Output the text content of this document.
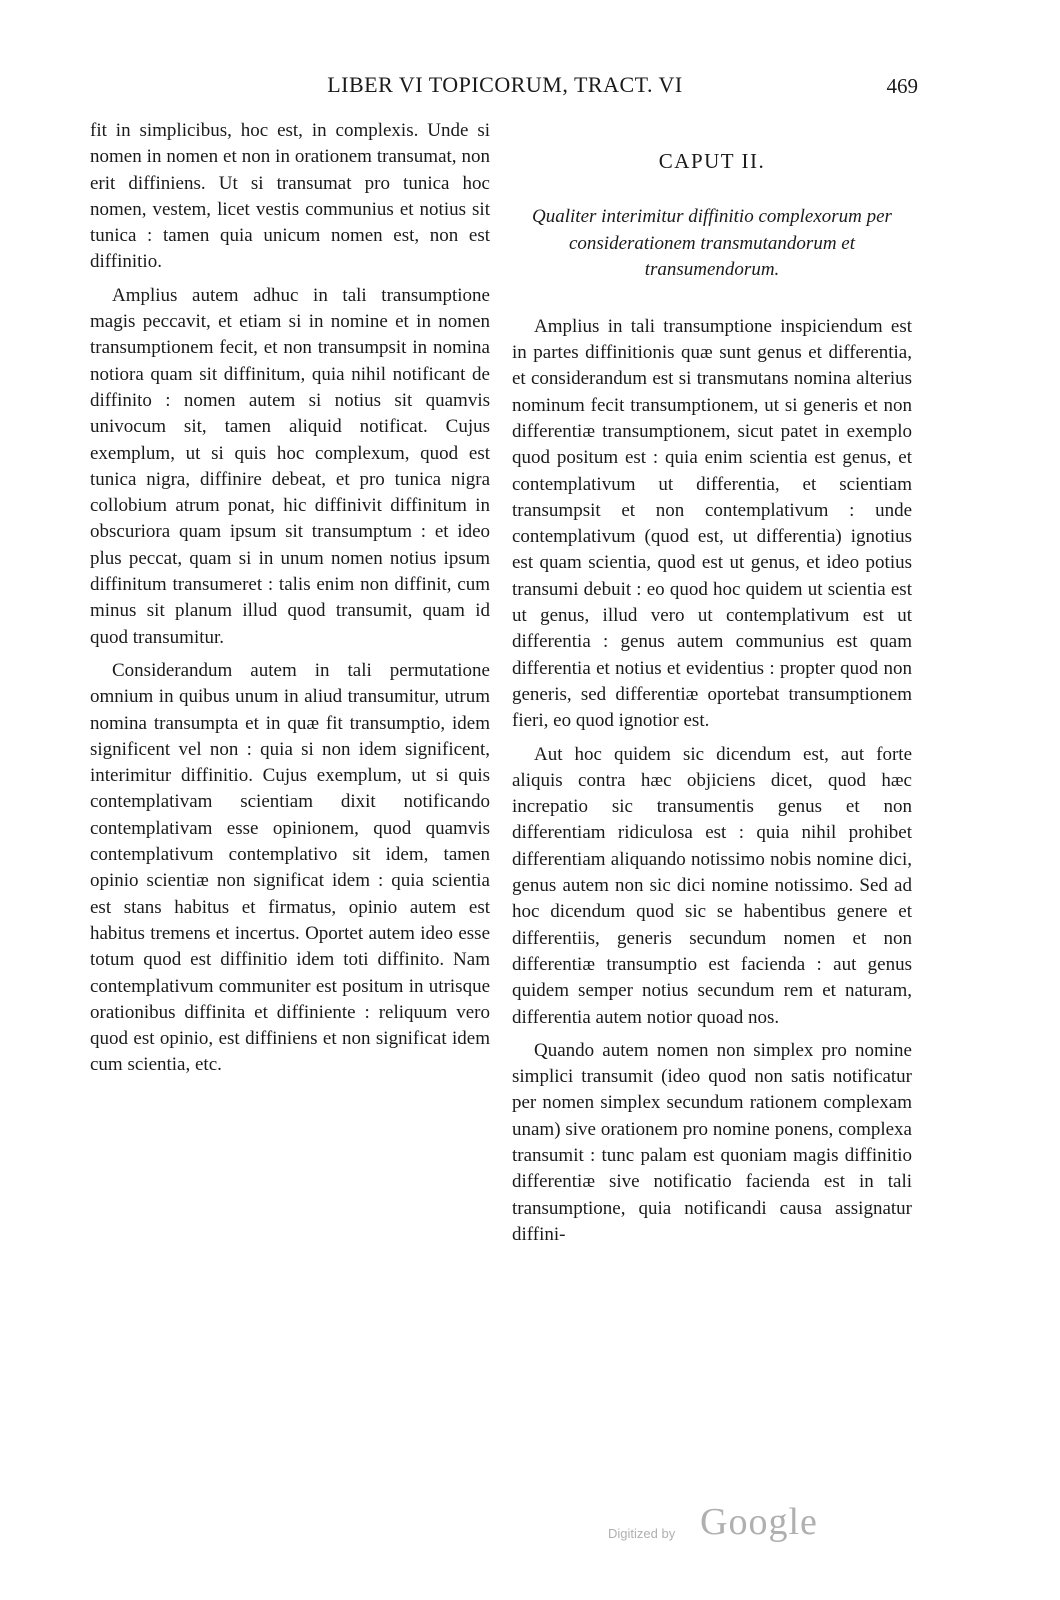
LIBER VI TOPICORUM, TRACT. VI	469

fit in simplicibus, hoc est, in complexis. Unde si nomen in nomen et non in orationem transumat, non erit diffiniens. Ut si transumat pro tunica hoc nomen, vestem, licet vestis communius et notius sit tunica : tamen quia unicum nomen est, non est diffinitio.

Amplius autem adhuc in tali transumptione magis peccavit, et etiam si in nomine et in nomen transumptionem fecit, et non transumpsit in nomina notiora quam sit diffinitum, quia nihil notificant de diffinito : nomen autem si notius sit quamvis univocum sit, tamen aliquid notificat. Cujus exemplum, ut si quis hoc complexum, quod est tunica nigra, diffinire debeat, et pro tunica nigra collobium atrum ponat, hic diffinivit diffinitum in obscuriora quam ipsum sit transumptum : et ideo plus peccat, quam si in unum nomen notius ipsum diffinitum transumeret : talis enim non diffinit, cum minus sit planum illud quod transumit, quam id quod transumitur.

Considerandum autem in tali permutatione omnium in quibus unum in aliud transumitur, utrum nomina transumpta et in quæ fit transumptio, idem significent vel non : quia si non idem significent, interimitur diffinitio. Cujus exemplum, ut si quis contemplativam scientiam dixit notificando contemplativam esse opinionem, quod quamvis contemplativum contemplativo sit idem, tamen opinio scientiæ non significat idem : quia scientia est stans habitus et firmatus, opinio autem est habitus tremens et incertus. Oportet autem ideo esse totum quod est diffinitio idem toti diffinito. Nam contemplativum communiter est positum in utrisque orationibus diffinita et diffiniente : reliquum vero quod est opinio, est diffiniens et non significat idem cum scientia, etc.

CAPUT II.
Qualiter interimitur diffinitio complexorum per considerationem transmutandorum et transumendorum.

Amplius in tali transumptione inspiciendum est in partes diffinitionis quæ sunt genus et differentia, et considerandum est si transmutans nomina alterius nominum fecit transumptionem, ut si generis et non differentiæ transumptionem, sicut patet in exemplo quod positum est : quia enim scientia est genus, et contemplativum ut differentia, et scientiam transumpsit et non contemplativum : unde contemplativum (quod est, ut differentia) ignotius est quam scientia, quod est ut genus, et ideo potius transumi debuit : eo quod hoc quidem ut scientia est ut genus, illud vero ut contemplativum est ut differentia : genus autem communius est quam differentia et notius et evidentius : propter quod non generis, sed differentiæ oportebat transumptionem fieri, eo quod ignotior est.

Aut hoc quidem sic dicendum est, aut forte aliquis contra hæc objiciens dicet, quod hæc increpatio sic transumentis genus et non differentiam ridiculosa est : quia nihil prohibet differentiam aliquando notissimo nobis nomine dici, genus autem non sic dici nomine notissimo. Sed ad hoc dicendum quod sic se habentibus genere et differentiis, generis secundum nomen et non differentiæ transumptio est facienda : aut genus quidem semper notius secundum rem et naturam, differentia autem notior quoad nos.

Quando autem nomen non simplex pro nomine simplici transumit (ideo quod non satis notificatur per nomen simplex secundum rationem complexam unam) sive orationem pro nomine ponens, complexa transumit : tunc palam est quoniam magis diffinitio differentiæ sive notificatio facienda est in tali transumptione, quia notificandi causa assignatur diffini-

Digitized by Google
